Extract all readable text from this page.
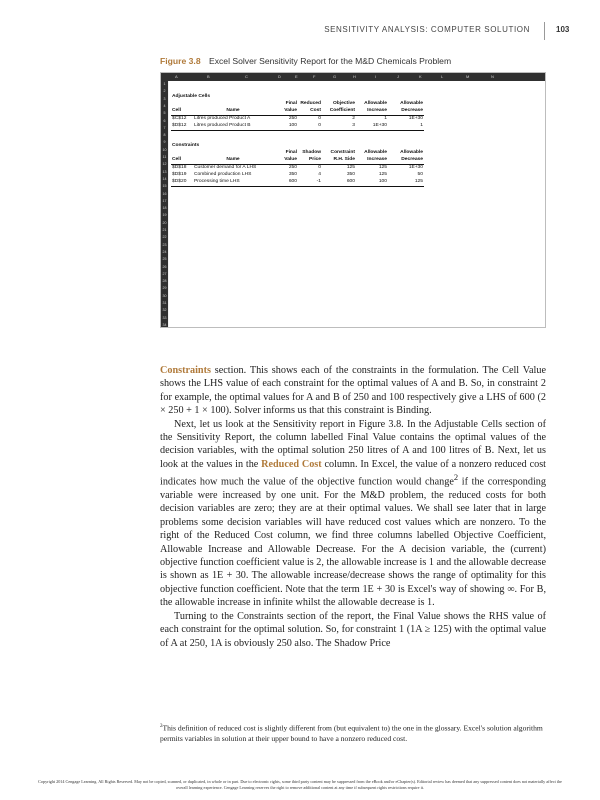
SENSITIVITY ANALYSIS: COMPUTER SOLUTION	103
Figure 3.8 Excel Solver Sensitivity Report for the M&D Chemicals Problem
A	B	C	D	E	F	G	H	I	J	K	L	M	N
1
2
3
4
5
6
7
8
9
10
11
12
13
14
15
16
17
18
19
20
21
22
23
24
25
26
27
28
29
30
31
32
33
34
Adjustable Cells
Constraints
Final Reduced	Objective	Allowable	Allowable
Cell	Name	Value	Cost	Coefficient	Increase	Decrease
$C$12	Litres produced Product A	250	0	2	1	1E+30
$D$12	Litres produced Product B	100	0	3	1E+30	1
Final	Shadow	Constraint	Allowable	Allowable
Cell	Name	Value	Price	R.H. Side	Increase	Decrease
$D$18	Customer demand for A LHS	250	0	125	125	1E+30
$D$19	Combined production LHS	350	4	350	125	50
$D$20	Processing time LHS	600	-1	600	100	125

Constraints section. This shows each of the constraints in the formulation. The Cell Value shows the LHS value of each constraint for the optimal values of A and B. So, in constraint 2 for example, the optimal values for A and B of 250 and 100 respectively give a LHS of 600 (2 × 250 + 1 × 100). Solver informs us that this constraint is Binding.

Next, let us look at the Sensitivity report in Figure 3.8. In the Adjustable Cells section of the Sensitivity Report, the column labelled Final Value contains the optimal values of the decision variables, with the optimal solution 250 litres of A and 100 litres of B. Next, let us look at the values in the Reduced Cost column. In Excel, the value of a nonzero reduced cost indicates how much the value of the objective function would change$^2$ if the corresponding variable were increased by one unit. For the M&D problem, the reduced costs for both decision variables are zero; they are at their optimal values. We shall see later that in large problems some decision variables will have reduced cost values which are nonzero. To the right of the Reduced Cost column, we find three columns labelled Objective Coefficient, Allowable Increase and Allowable Decrease. For the A decision variable, the (current) objective function coefficient value is 2, the allowable increase is 1 and the allowable decrease is shown as 1E + 30. The allowable increase/decrease shows the range of optimality for this objective function coefficient. Note that the term 1E + 30 is Excel's way of showing ∞. For B, the allowable increase in infinite whilst the allowable decrease is 1.

Turning to the Constraints section of the report, the Final Value shows the RHS value of each constraint for the optimal solution. So, for constraint 1 (1A ≥ 125) with the optimal value of A at 250, 1A is obviously 250 also. The Shadow Price

$^2$This definition of reduced cost is slightly different from (but equivalent to) the one in the glossary. Excel's solution algorithm permits variables in solution at their upper bound to have a nonzero reduced cost.
Copyright 2014 Cengage Learning. All Rights Reserved. May not be copied, scanned, or duplicated, in whole or in part. Due to electronic rights, some third party content may be suppressed from the eBook and/or eChapter(s). Editorial review has deemed that any suppressed content does not materially affect the overall learning experience. Cengage Learning reserves the right to remove additional content at any time if subsequent rights restrictions require it.
